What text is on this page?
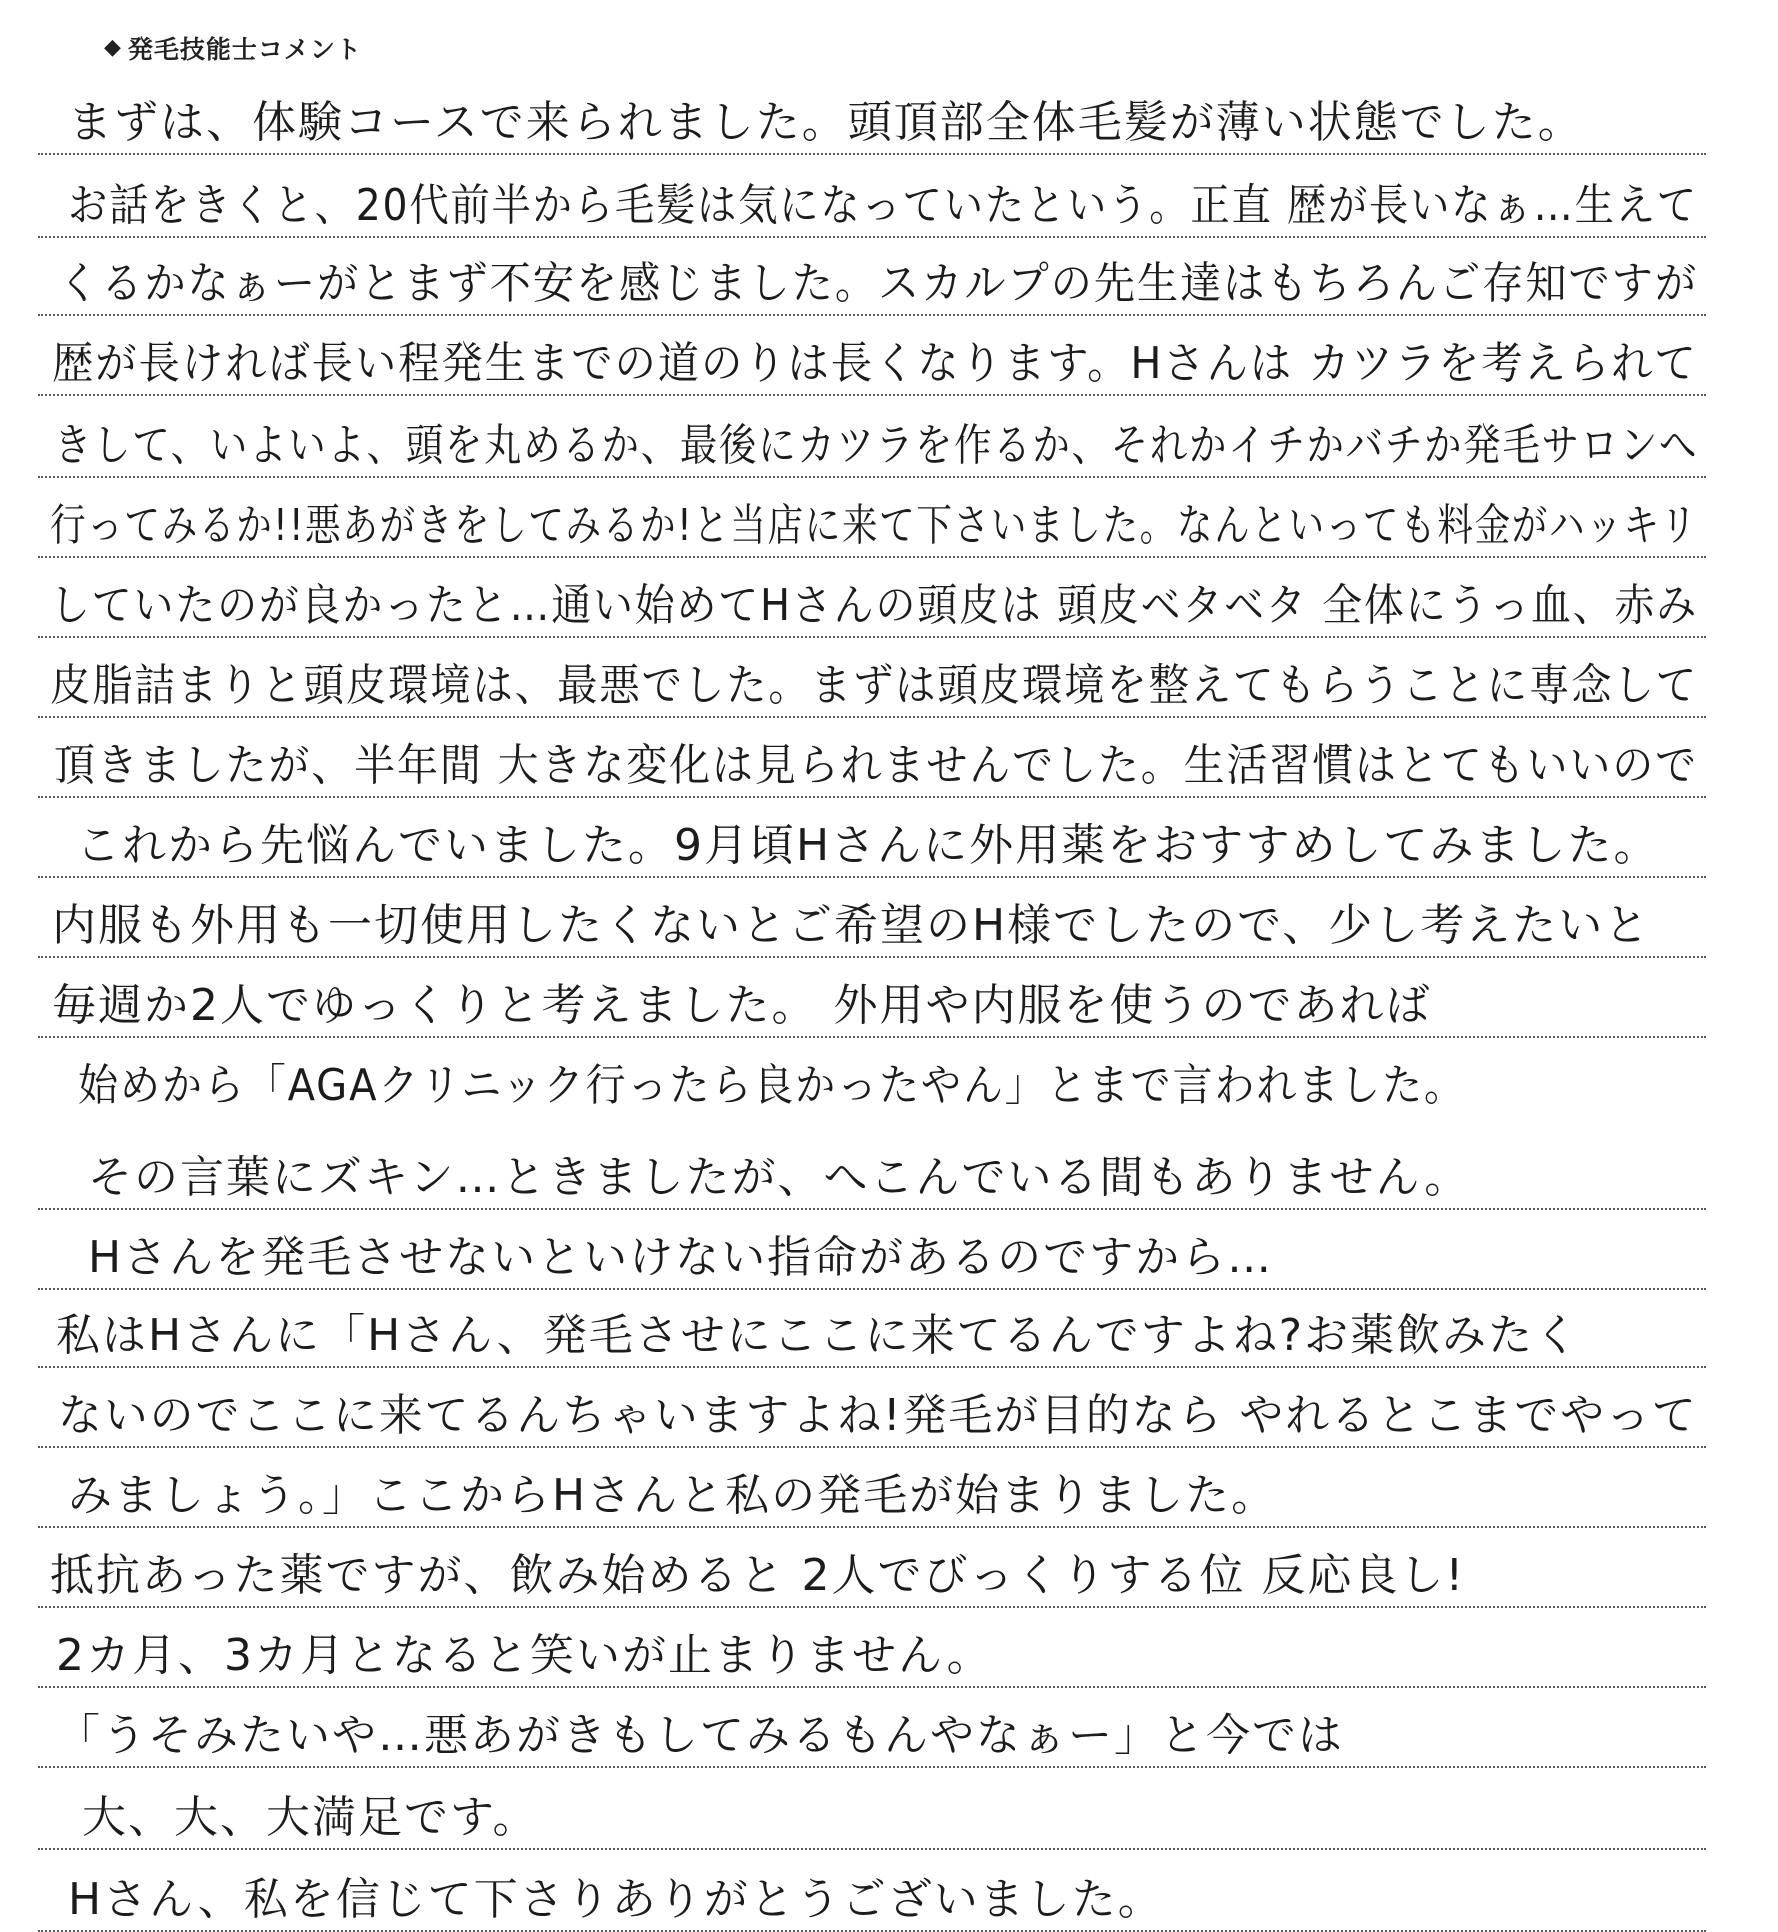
◆ 発毛技能士コメント
まずは、体験コースで来られました。頭頂部全体毛髪が薄い状態でした。
お話をきくと、20代前半から毛髪は気になっていたという。正直 歴が長いなぁ…生えて
くるかなぁーがとまず不安を感じました。スカルプの先生達はもちろんご存知ですが
歴が長ければ長い程発生までの道のりは長くなります。Hさんは カツラを考えられて
きして、いよいよ、頭を丸めるか、最後にカツラを作るか、それかイチかバチか発毛サロンへ
行ってみるか!!悪あがきをしてみるか!と当店に来て下さいました。なんといっても料金がハッキリ
していたのが良かったと…通い始めてHさんの頭皮は 頭皮ベタベタ 全体にうっ血、赤み
皮脂詰まりと頭皮環境は、最悪でした。まずは頭皮環境を整えてもらうことに専念して
頂きましたが、半年間 大きな変化は見られませんでした。生活習慣はとてもいいので
これから先悩んでいました。9月頃Hさんに外用薬をおすすめしてみました。
内服も外用も一切使用したくないとご希望のH様でしたので、少し考えたいと
毎週か2人でゆっくりと考えました。 外用や内服を使うのであれば
始めから「AGAクリニック行ったら良かったやん」とまで言われました。
その言葉にズキン…ときましたが、へこんでいる間もありません。
Hさんを発毛させないといけない指命があるのですから…
私はHさんに「Hさん、発毛させにここに来てるんですよね?お薬飲みたく
ないのでここに来てるんちゃいますよね!発毛が目的なら やれるとこまでやって
みましょう。」ここからHさんと私の発毛が始まりました。
抵抗あった薬ですが、飲み始めると 2人でびっくりする位 反応良し!
2カ月、3カ月となると笑いが止まりません。
「うそみたいや…悪あがきもしてみるもんやなぁー」と今では
大、大、大満足です。
Hさん、私を信じて下さりありがとうございました。
